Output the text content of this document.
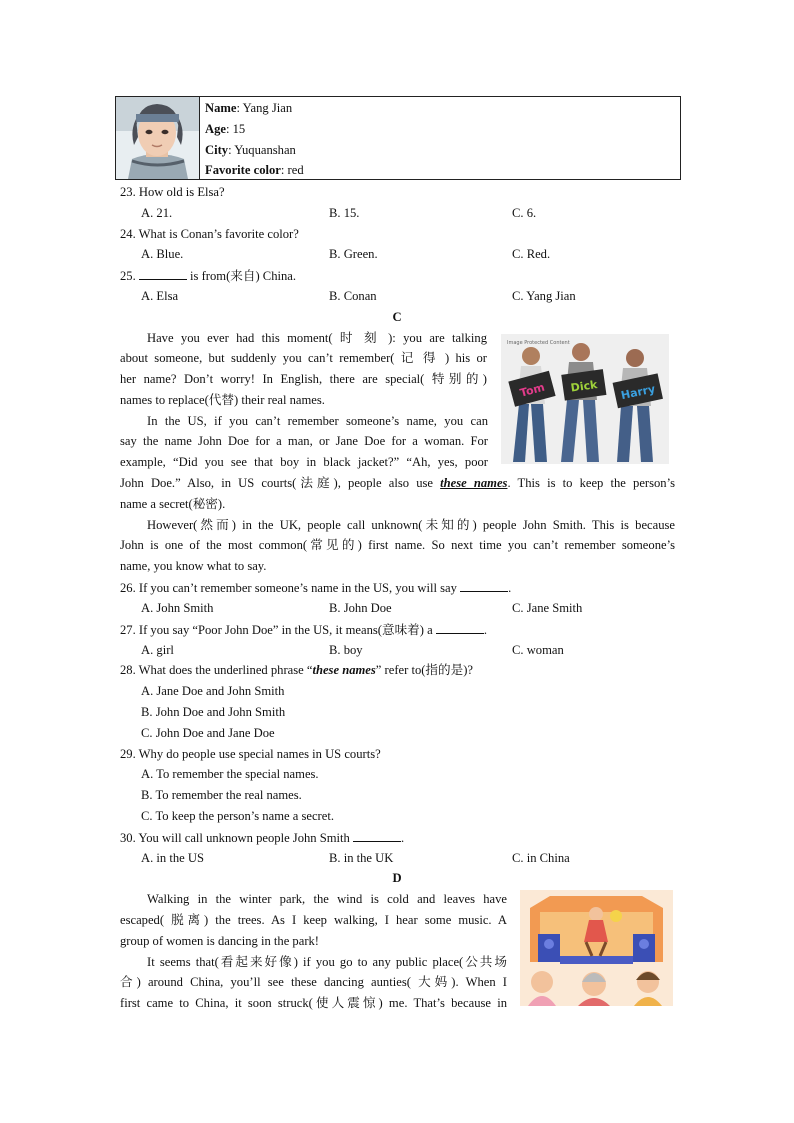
Name: Yang Jian
Age: 15
City: Yuquanshan
Favorite color: red
23. How old is Elsa?
A. 21.	B. 15.	C. 6.
24. What is Conan’s favorite color?
A. Blue.	B. Green.	C. Red.
25.	is from(来自) China.
A. Elsa	B. Conan	C. Yang Jian
C
Image Protected Content
Tom Dick Harry
Have you ever had this moment( 时 刻 ): you are talking
about someone, but suddenly you can’t remember( 记 得 ) his or
her name? Don’t worry! In English, there are special( 特别的)
names to replace(代替) their real names.
In the US, if you can’t remember someone’s name, you can
say the name John Doe for a man, or Jane Doe for a woman. For
example, “Did you see that boy in black jacket?” “Ah, yes, poor
John Doe.” Also, in US courts(法庭), people also use these names. This is to keep the person’s
name a secret(秘密).
However(然而) in the UK, people call unknown(未知的) people John Smith. This is because
John is one of the most common(常见的) first name. So next time you can’t remember someone’s
name, you know what to say.
26. If you can’t remember someone’s name in the US, you will say	.
A. John Smith	B. John Doe	C. Jane Smith
27. If you say “Poor John Doe” in the US, it means(意味着) a	.
A. girl	B. boy	C. woman
28. What does the underlined phrase “these names” refer to(指的是)?
A. Jane Doe and John Smith
B. John Doe and John Smith
C. John Doe and Jane Doe
29. Why do people use special names in US courts?
A. To remember the special names.
B. To remember the real names.
C. To keep the person’s name a secret.
30. You will call unknown people John Smith	.
A. in the US	B. in the UK	C. in China
D
Walking in the winter park, the wind is cold and leaves have
escaped( 脱离) the trees. As I keep walking, I hear some music. A
group of women is dancing in the park!
It seems that(看起来好像) if you go to any public place(公共场
合) around China, you’ll see these dancing aunties( 大妈). When I
first came to China, it soon struck(使人震惊) me. That’s because in
